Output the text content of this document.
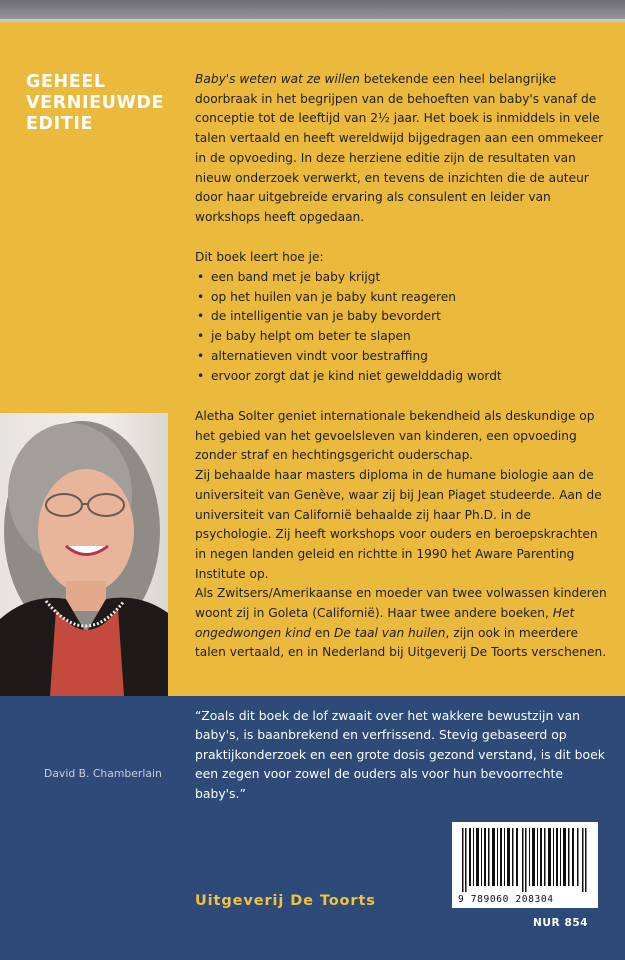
GEHEEL
VERNIEUWDE
EDITIE
Baby's weten wat ze willen betekende een heel belangrijke doorbraak in het begrijpen van de behoeften van baby's vanaf de conceptie tot de leeftijd van 2½ jaar. Het boek is inmiddels in vele talen vertaald en heeft wereldwijd bijgedragen aan een ommekeer in de opvoeding. In deze herziene editie zijn de resultaten van nieuw onderzoek verwerkt, en tevens de inzichten die de auteur door haar uitgebreide ervaring als consulent en leider van workshops heeft opgedaan.
Dit boek leert hoe je:
• een band met je baby krijgt
• op het huilen van je baby kunt reageren
• de intelligentie van je baby bevordert
• je baby helpt om beter te slapen
• alternatieven vindt voor bestraffing
• ervoor zorgt dat je kind niet gewelddadig wordt

Aletha Solter geniet internationale bekendheid als deskundige op het gebied van het gevoelsleven van kinderen, een opvoeding zonder straf en hechtingsgericht ouderschap.

Zij behaalde haar masters diploma in de humane biologie aan de universiteit van Genève, waar zij bij Jean Piaget studeerde. Aan de universiteit van Californië behaalde zij haar Ph.D. in de psychologie. Zij heeft workshops voor ouders en beroepskrachten in negen landen geleid en richtte in 1990 het Aware Parenting Institute op.

Als Zwitsers/Amerikaanse en moeder van twee volwassen kinderen woont zij in Goleta (Californië). Haar twee andere boeken, Het ongedwongen kind en De taal van huilen, zijn ook in meerdere talen vertaald, en in Nederland bij Uitgeverij De Toorts verschenen.

“Zoals dit boek de lof zwaait over het wakkere bewustzijn van baby's, is baanbrekend en verfrissend. Stevig gebaseerd op praktijkonderzoek en een grote dosis gezond verstand, is dit boek een zegen voor zowel de ouders als voor hun bevoorrechte baby's.”
David B. Chamberlain
Uitgeverij De Toorts	9 789060 208304
NUR 854
